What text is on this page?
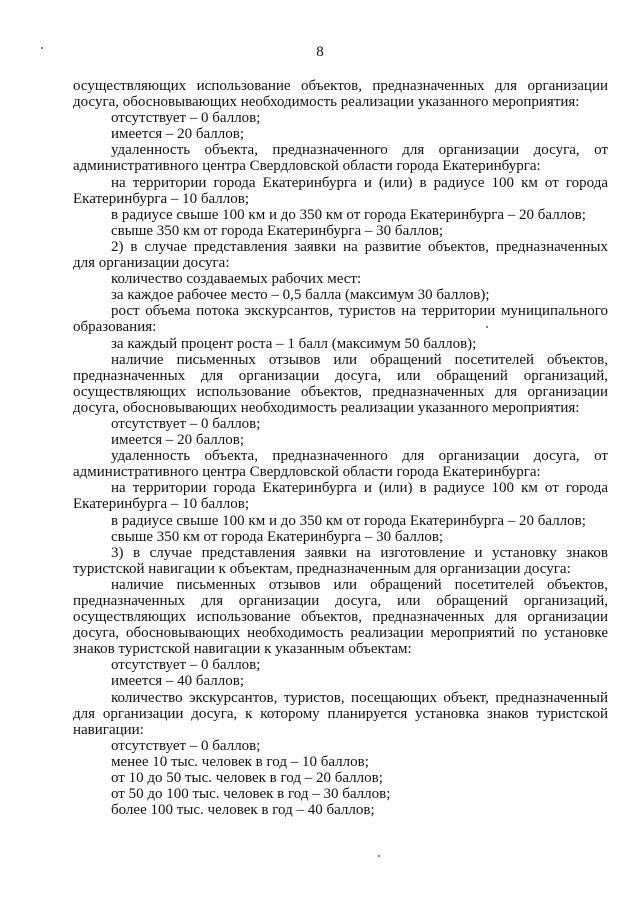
8

осуществляющих использование объектов, предназначенных для организации досуга, обосновывающих необходимость реализации указанного мероприятия:

отсутствует – 0 баллов;

имеется – 20 баллов;

удаленность объекта, предназначенного для организации досуга, от административного центра Свердловской области города Екатеринбурга:

на территории города Екатеринбурга и (или) в радиусе 100 км от города Екатеринбурга – 10 баллов;

в радиусе свыше 100 км и до 350 км от города Екатеринбурга – 20 баллов;

свыше 350 км от города Екатеринбурга – 30 баллов;

2) в случае представления заявки на развитие объектов, предназначенных для организации досуга:

количество создаваемых рабочих мест:

за каждое рабочее место – 0,5 балла (максимум 30 баллов);

рост объема потока экскурсантов, туристов на территории муниципального образования:

за каждый процент роста – 1 балл (максимум 50 баллов);

наличие письменных отзывов или обращений посетителей объектов, предназначенных для организации досуга, или обращений организаций, осуществляющих использование объектов, предназначенных для организации досуга, обосновывающих необходимость реализации указанного мероприятия:

отсутствует – 0 баллов;

имеется – 20 баллов;

удаленность объекта, предназначенного для организации досуга, от административного центра Свердловской области города Екатеринбурга:

на территории города Екатеринбурга и (или) в радиусе 100 км от города Екатеринбурга – 10 баллов;

в радиусе свыше 100 км и до 350 км от города Екатеринбурга – 20 баллов;

свыше 350 км от города Екатеринбурга – 30 баллов;

3) в случае представления заявки на изготовление и установку знаков туристской навигации к объектам, предназначенным для организации досуга:

наличие письменных отзывов или обращений посетителей объектов, предназначенных для организации досуга, или обращений организаций, осуществляющих использование объектов, предназначенных для организации досуга, обосновывающих необходимость реализации мероприятий по установке знаков туристской навигации к указанным объектам:

отсутствует – 0 баллов;

имеется – 40 баллов;

количество экскурсантов, туристов, посещающих объект, предназначенный для организации досуга, к которому планируется установка знаков туристской навигации:

отсутствует – 0 баллов;

менее 10 тыс. человек в год – 10 баллов;

от 10 до 50 тыс. человек в год – 20 баллов;

от 50 до 100 тыс. человек в год – 30 баллов;

более 100 тыс. человек в год – 40 баллов;
